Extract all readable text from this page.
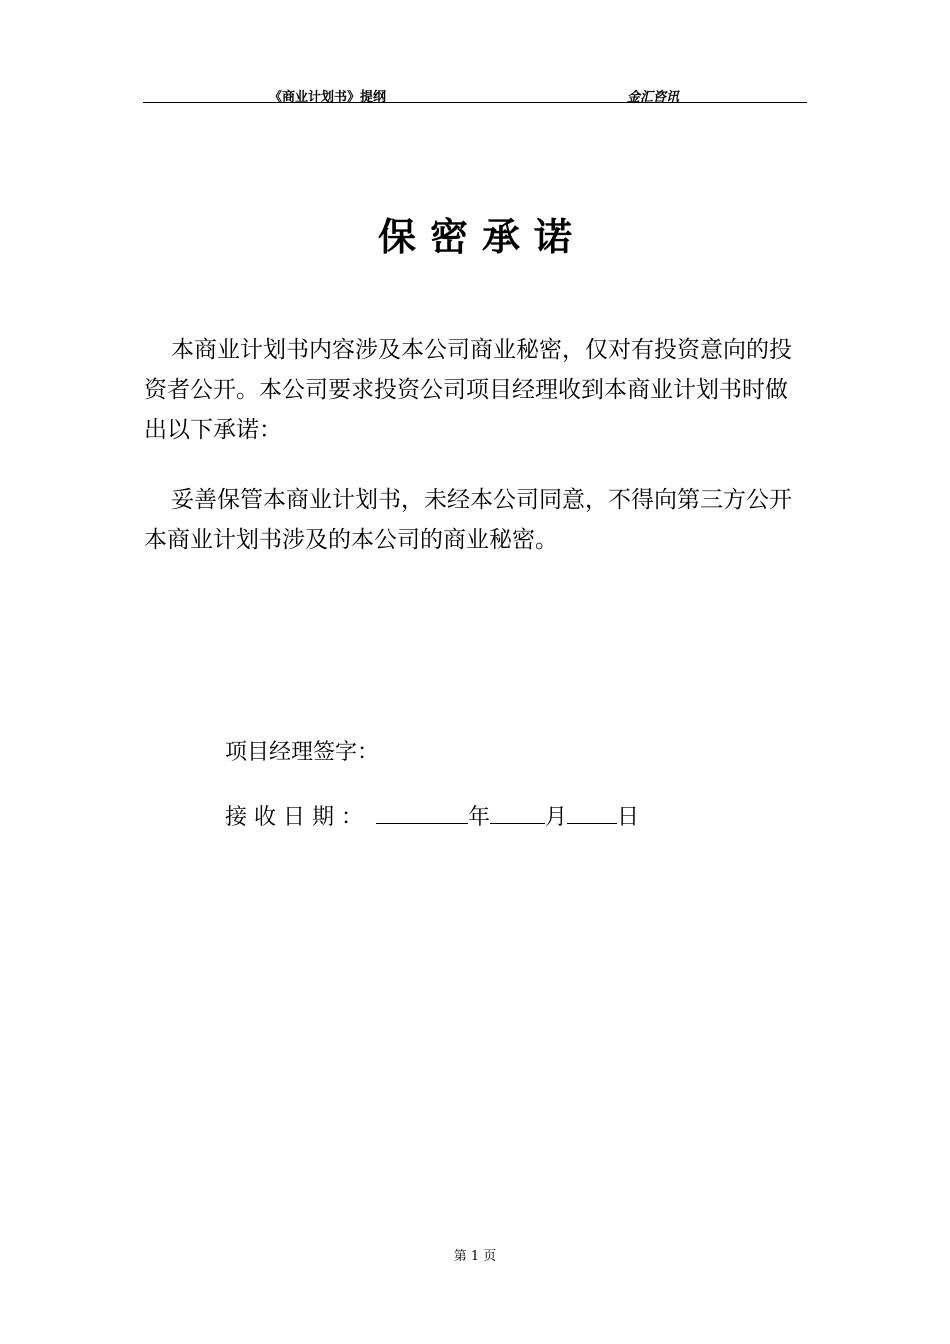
《商业计划书》提纲	金汇咨讯
保密承诺

本商业计划书内容涉及本公司商业秘密，仅对有投资意向的投资者公开。本公司要求投资公司项目经理收到本商业计划书时做出以下承诺：

妥善保管本商业计划书，未经本公司同意，不得向第三方公开本商业计划书涉及的本公司的商业秘密。

项目经理签字：
接收日期：	年	月 日
第 1 页
